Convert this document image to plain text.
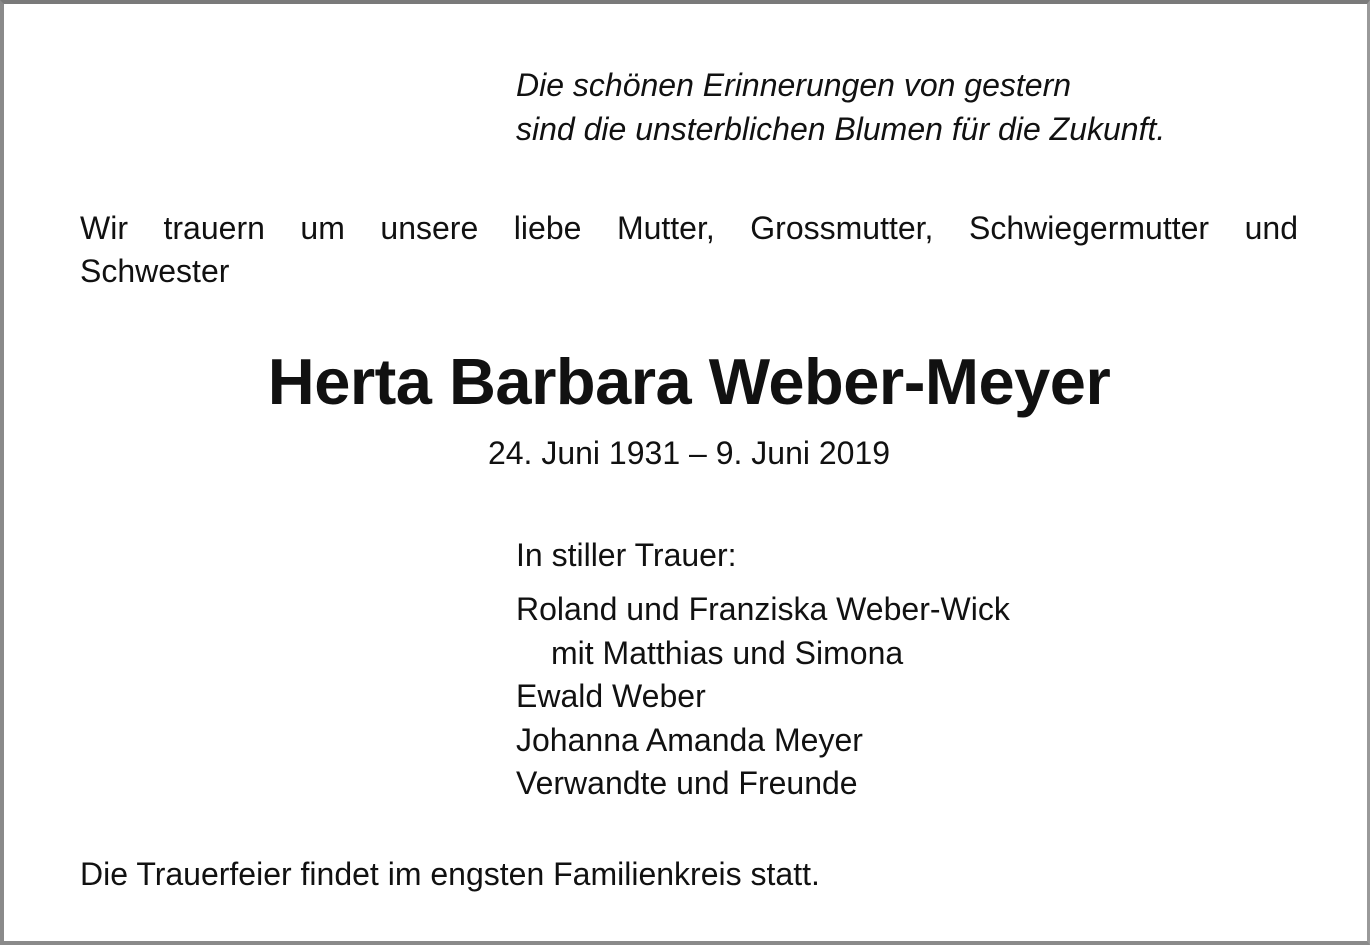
Die schönen Erinnerungen von gestern
sind die unsterblichen Blumen für die Zukunft.
Wir trauern um unsere liebe Mutter, Grossmutter, Schwiegermutter und
Schwester
Herta Barbara Weber-Meyer
24. Juni 1931 – 9. Juni 2019
In stiller Trauer:
Roland und Franziska Weber-Wick
mit Matthias und Simona
Ewald Weber
Johanna Amanda Meyer
Verwandte und Freunde
Die Trauerfeier findet im engsten Familienkreis statt.
